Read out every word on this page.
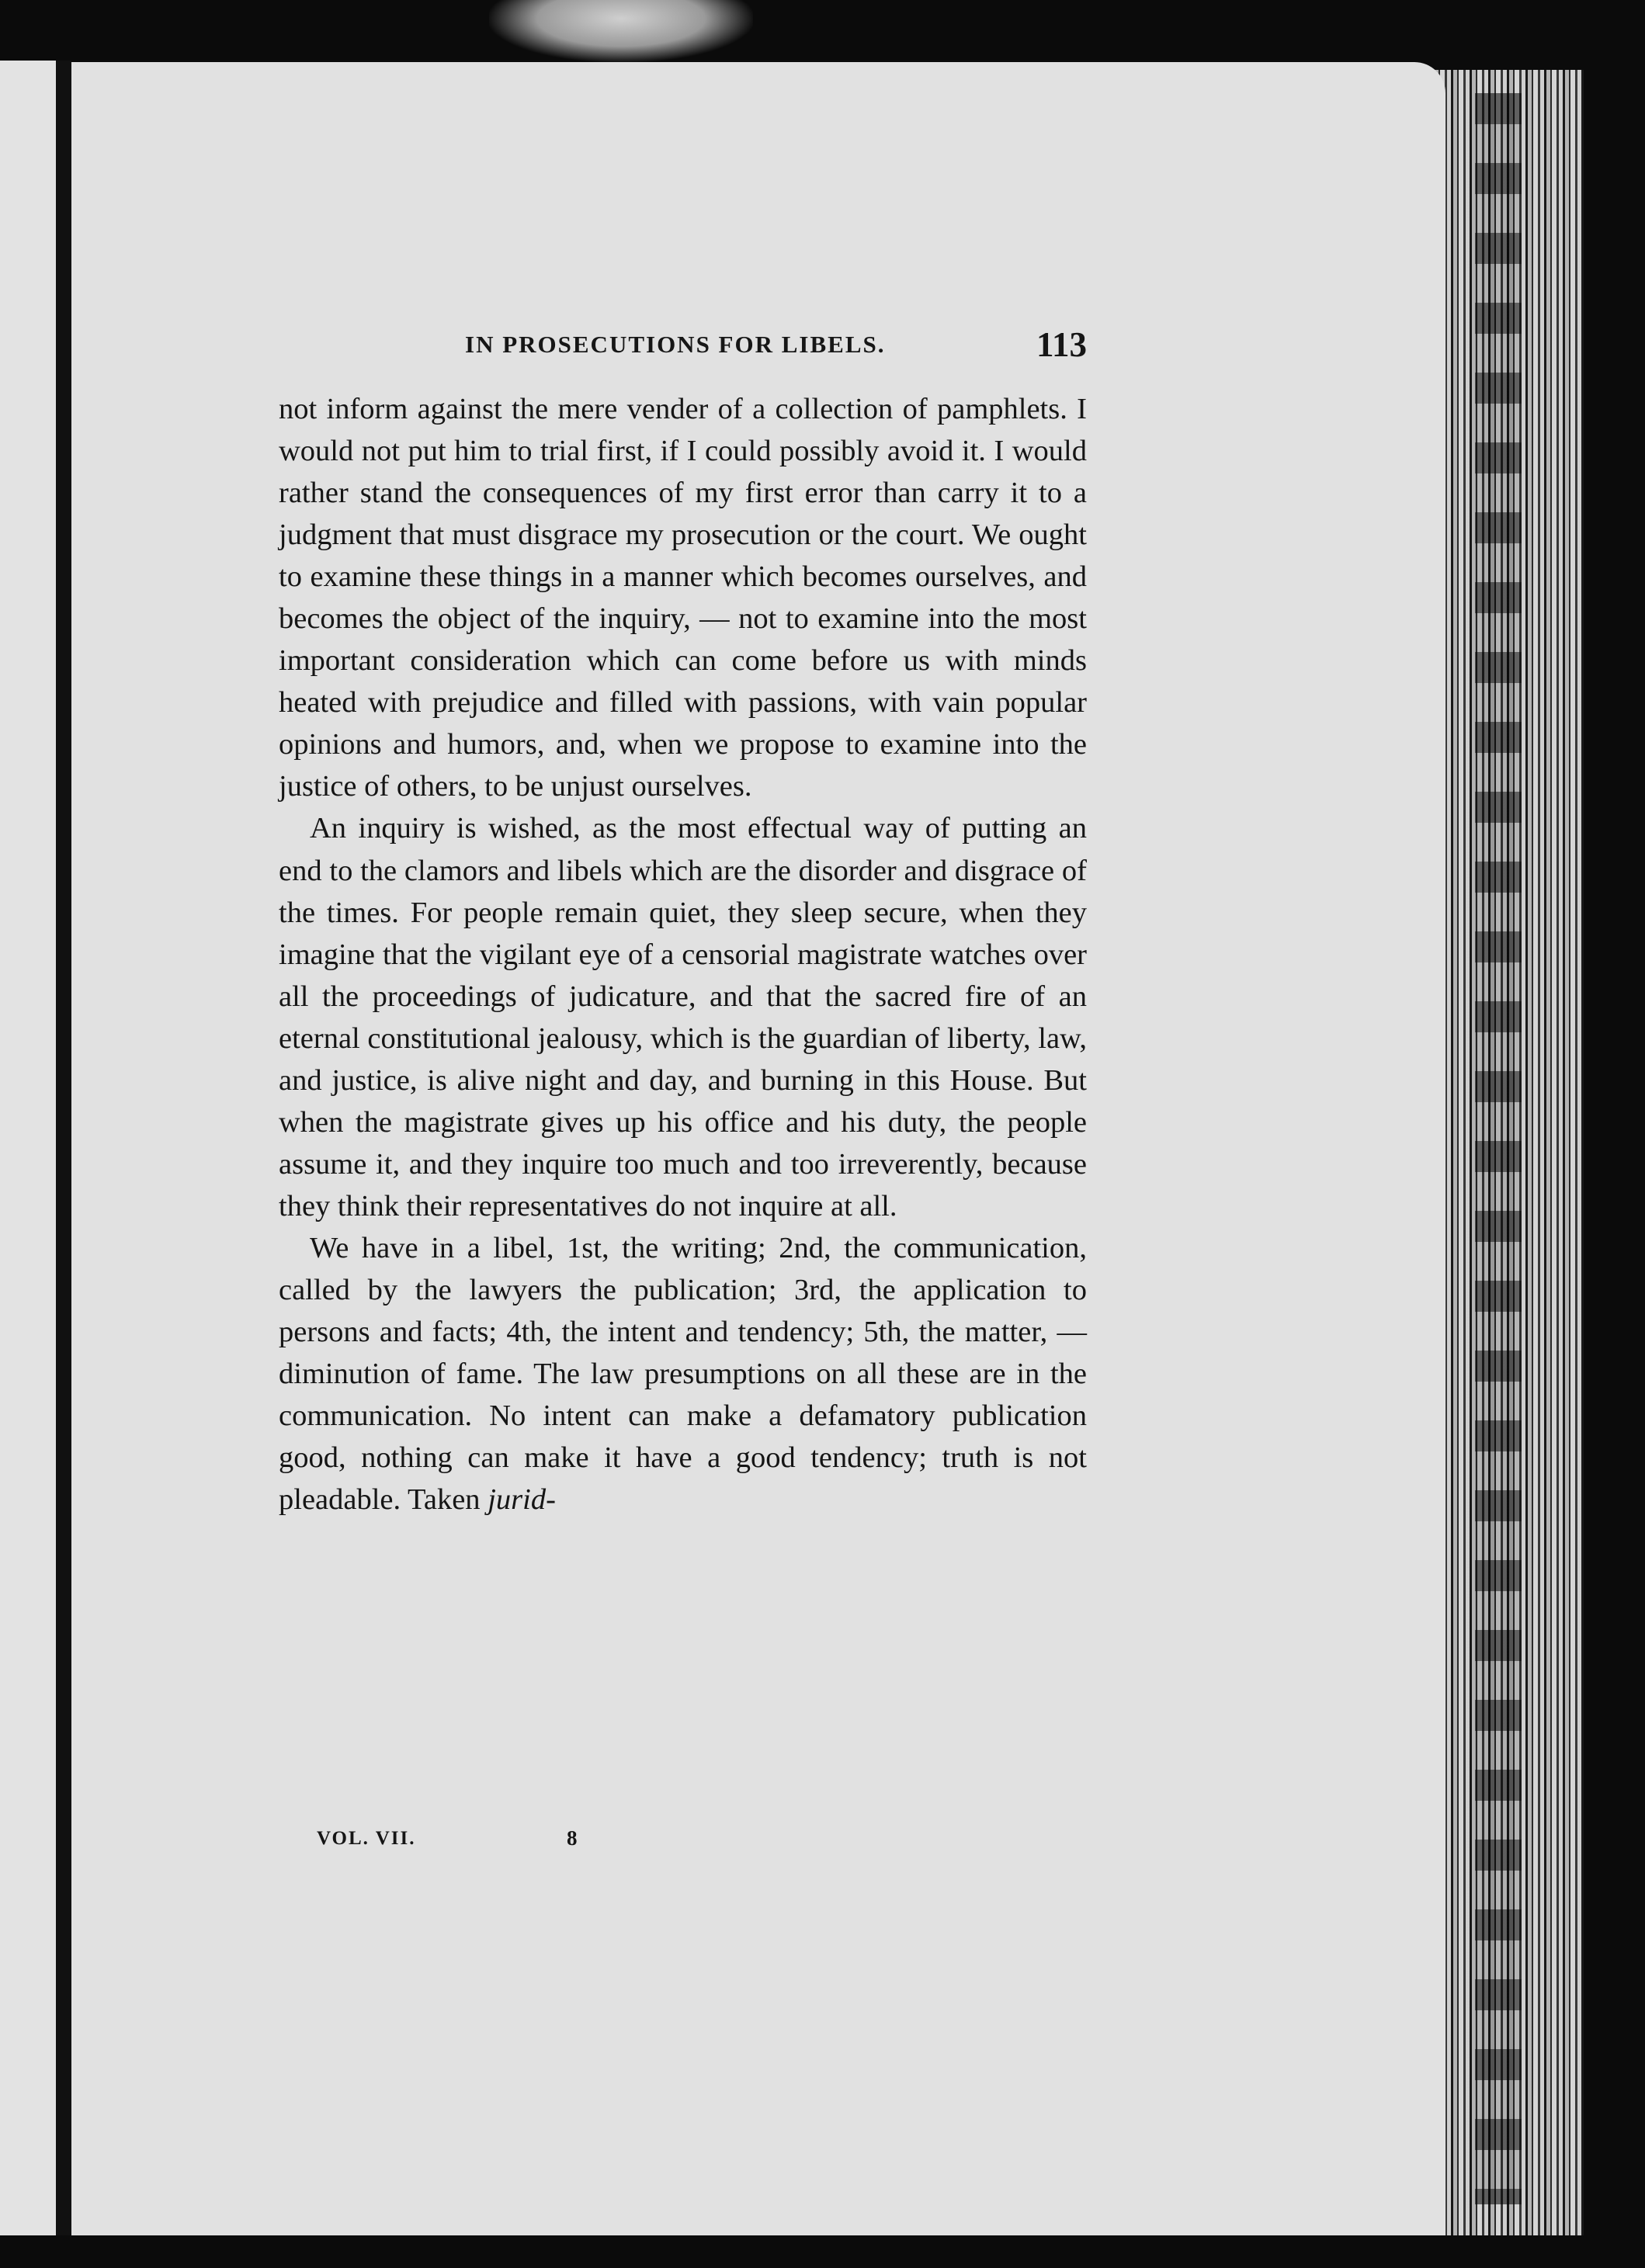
IN PROSECUTIONS FOR LIBELS.	113

not inform against the mere vender of a collection of pamphlets. I would not put him to trial first, if I could possibly avoid it. I would rather stand the consequences of my first error than carry it to a judgment that must disgrace my prosecution or the court. We ought to examine these things in a manner which becomes ourselves, and becomes the object of the inquiry, — not to examine into the most important consideration which can come before us with minds heated with prejudice and filled with passions, with vain popular opinions and humors, and, when we propose to examine into the justice of others, to be unjust ourselves.

An inquiry is wished, as the most effectual way of putting an end to the clamors and libels which are the disorder and disgrace of the times. For people remain quiet, they sleep secure, when they imagine that the vigilant eye of a censorial magistrate watches over all the proceedings of judicature, and that the sacred fire of an eternal constitutional jealousy, which is the guardian of liberty, law, and justice, is alive night and day, and burning in this House. But when the magistrate gives up his office and his duty, the people assume it, and they inquire too much and too irreverently, because they think their representatives do not inquire at all.

We have in a libel, 1st, the writing; 2nd, the communication, called by the lawyers the publication; 3rd, the application to persons and facts; 4th, the intent and tendency; 5th, the matter, — diminution of fame. The law presumptions on all these are in the communication. No intent can make a defamatory publication good, nothing can make it have a good tendency; truth is not pleadable. Taken jurid-

VOL. VII.	8
